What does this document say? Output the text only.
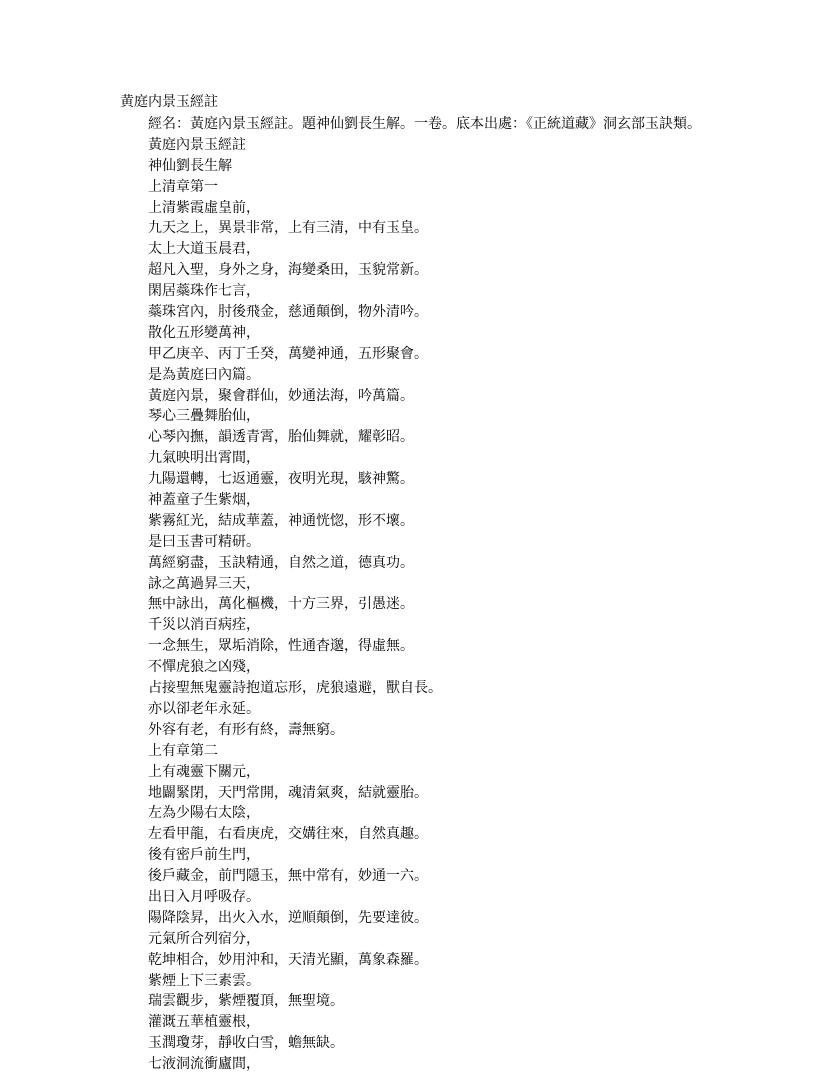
黄庭内景玉經註
經名：黃庭內景玉經註。題神仙劉長生解。一卷。底本出處：《正統道藏》洞玄部玉訣類。
黃庭內景玉經註
神仙劉長生解
上清章第一
上清紫霞虛皇前，
九天之上，異景非常，上有三清，中有玉皇。
太上大道玉晨君，
超凡入聖，身外之身，海變桑田，玉貌常新。
閑居蘂珠作七言，
蘂珠宮內，肘後飛金，慈通顛倒，物外清吟。
散化五形變萬神，
甲乙庚辛、丙丁壬癸，萬變神通，五形聚會。
是為黃庭曰內篇。
黃庭內景，聚會群仙，妙通法海，吟萬篇。
琴心三疊舞胎仙，
心琴內撫，韻透青霄，胎仙舞就，耀彰昭。
九氣映明出霄間，
九陽還轉，七返通靈，夜明光現，駭神驚。
神蓋童子生紫烟，
紫霧紅光，結成華蓋，神通恍惚，形不壞。
是曰玉書可精研。
萬經窮盡，玉訣精通，自然之道，德真功。
詠之萬過昇三天，
無中詠出，萬化樞機，十方三界，引愚迷。
千災以消百病痊，
一念無生，眾垢消除，性通杳邈，得虛無。
不憚虎狼之凶殘，
占接聖無鬼靈詩抱道忘形，虎狼遠避，獸自長。
亦以卻老年永延。
外容有老，有形有終，壽無窮。
上有章第二
上有魂靈下關元，
地闢緊閉，天門常開，魂清氣爽，結就靈胎。
左為少陽右太陰，
左看甲龍，右看庚虎，交媾往來，自然真趣。
後有密戶前生門，
後戶藏金，前門隱玉，無中常有，妙通一六。
出日入月呼吸存。
陽降陰昇，出火入水，逆順顛倒，先要達彼。
元氣所合列宿分，
乾坤相合，妙用沖和，天清光顯，萬象森羅。
紫煙上下三素雲。
瑞雲觀步，紫煙覆頂，無聖境。
灌溉五華植靈根，
玉潤瓊芽，靜收白雪，蟾無缺。
七液洞流衝廬間，
